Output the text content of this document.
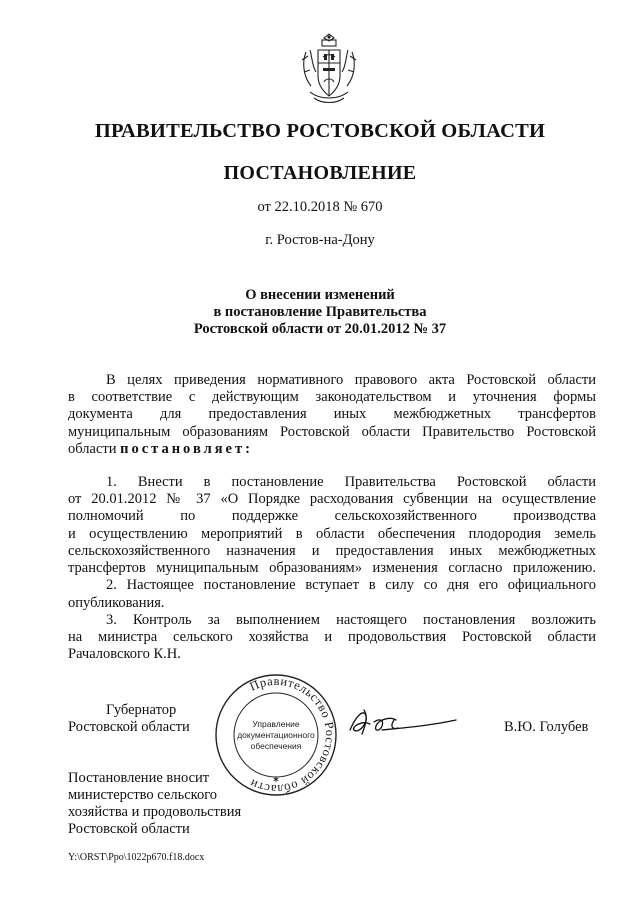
ПРАВИТЕЛЬСТВО РОСТОВСКОЙ ОБЛАСТИ
ПОСТАНОВЛЕНИЕ
от 22.10.2018 № 670
г. Ростов-на-Дону
О внесении изменений
в постановление Правительства
Ростовской области от 20.01.2012 № 37
В целях приведения нормативного правового акта Ростовской области
в соответствие с действующим законодательством и уточнения формы
документа для предоставления иных межбюджетных трансфертов
муниципальным образованиям Ростовской области Правительство Ростовской
области постановляет:
1. Внести в постановление Правительства Ростовской области
от 20.01.2012 № 37 «О Порядке расходования субвенции на осуществление
полномочий по поддержке сельскохозяйственного производства
и осуществлению мероприятий в области обеспечения плодородия земель
сельскохозяйственного назначения и предоставления иных межбюджетных
трансфертов муниципальным образованиям» изменения согласно приложению.
2. Настоящее постановление вступает в силу со дня его официального
опубликования.
3. Контроль за выполнением настоящего постановления возложить
на министра сельского хозяйства и продовольствия Ростовской области
Рачаловского К.Н.
Губернатор
Ростовской области	В.Ю. Голубев
Правительство Ростовской области
Управление
документационного
обеспечения
✶
Постановление вносит
министерство сельского
хозяйства и продовольствия
Ростовской области
Y:\ORST\Ppo\1022p670.f18.docx
